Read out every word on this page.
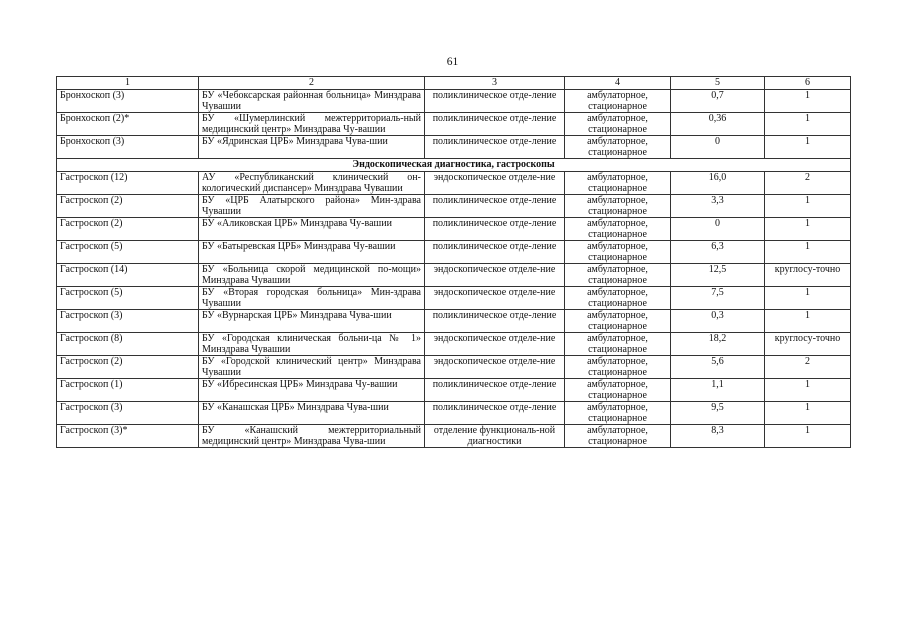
61
1	2	3	4	5	6
Бронхоскоп (3)	БУ «Чебоксарская районная больница» Минздрава Чувашии	поликлиническое отде-ление	амбулаторное, стационарное	0,7	1
Бронхоскоп (2)*	БУ «Шумерлинский межтерриториаль-ный медицинский центр» Минздрава Чу-вашии	поликлиническое отде-ление	амбулаторное, стационарное	0,36	1
Бронхоскоп (3)	БУ «Ядринская ЦРБ» Минздрава Чува-шии	поликлиническое отде-ление	амбулаторное, стационарное	0	1
Эндоскопическая диагностика, гастроскопы					
Гастроскоп (12)	АУ «Республиканский клинический он-кологический диспансер» Минздрава Чувашии	эндоскопическое отделе-ние	амбулаторное, стационарное	16,0	2
Гастроскоп (2)	БУ «ЦРБ Алатырского района» Мин-здрава Чувашии	поликлиническое отде-ление	амбулаторное, стационарное	3,3	1
Гастроскоп (2)	БУ «Аликовская ЦРБ» Минздрава Чу-вашии	поликлиническое отде-ление	амбулаторное, стационарное	0	1
Гастроскоп (5)	БУ «Батыревская ЦРБ» Минздрава Чу-вашии	поликлиническое отде-ление	амбулаторное, стационарное	6,3	1
Гастроскоп (14)	БУ «Больница скорой медицинской по-мощи» Минздрава Чувашии	эндоскопическое отделе-ние	амбулаторное, стационарное	12,5	круглосу-точно
Гастроскоп (5)	БУ «Вторая городская больница» Мин-здрава Чувашии	эндоскопическое отделе-ние	амбулаторное, стационарное	7,5	1
Гастроскоп (3)	БУ «Вурнарская ЦРБ» Минздрава Чува-шии	поликлиническое отде-ление	амбулаторное, стационарное	0,3	1
Гастроскоп (8)	БУ «Городская клиническая больни-ца № 1» Минздрава Чувашии	эндоскопическое отделе-ние	амбулаторное, стационарное	18,2	круглосу-точно
Гастроскоп (2)	БУ «Городской клинический центр» Минздрава Чувашии	эндоскопическое отделе-ние	амбулаторное, стационарное	5,6	2
Гастроскоп (1)	БУ «Ибресинская ЦРБ» Минздрава Чу-вашии	поликлиническое отде-ление	амбулаторное, стационарное	1,1	1
Гастроскоп (3)	БУ «Канашская ЦРБ» Минздрава Чува-шии	поликлиническое отде-ление	амбулаторное, стационарное	9,5	1
Гастроскоп (3)*	БУ «Канашский межтерриториальный медицинский центр» Минздрава Чува-шии	отделение функциональ-ной диагностики	амбулаторное, стационарное	8,3	1
